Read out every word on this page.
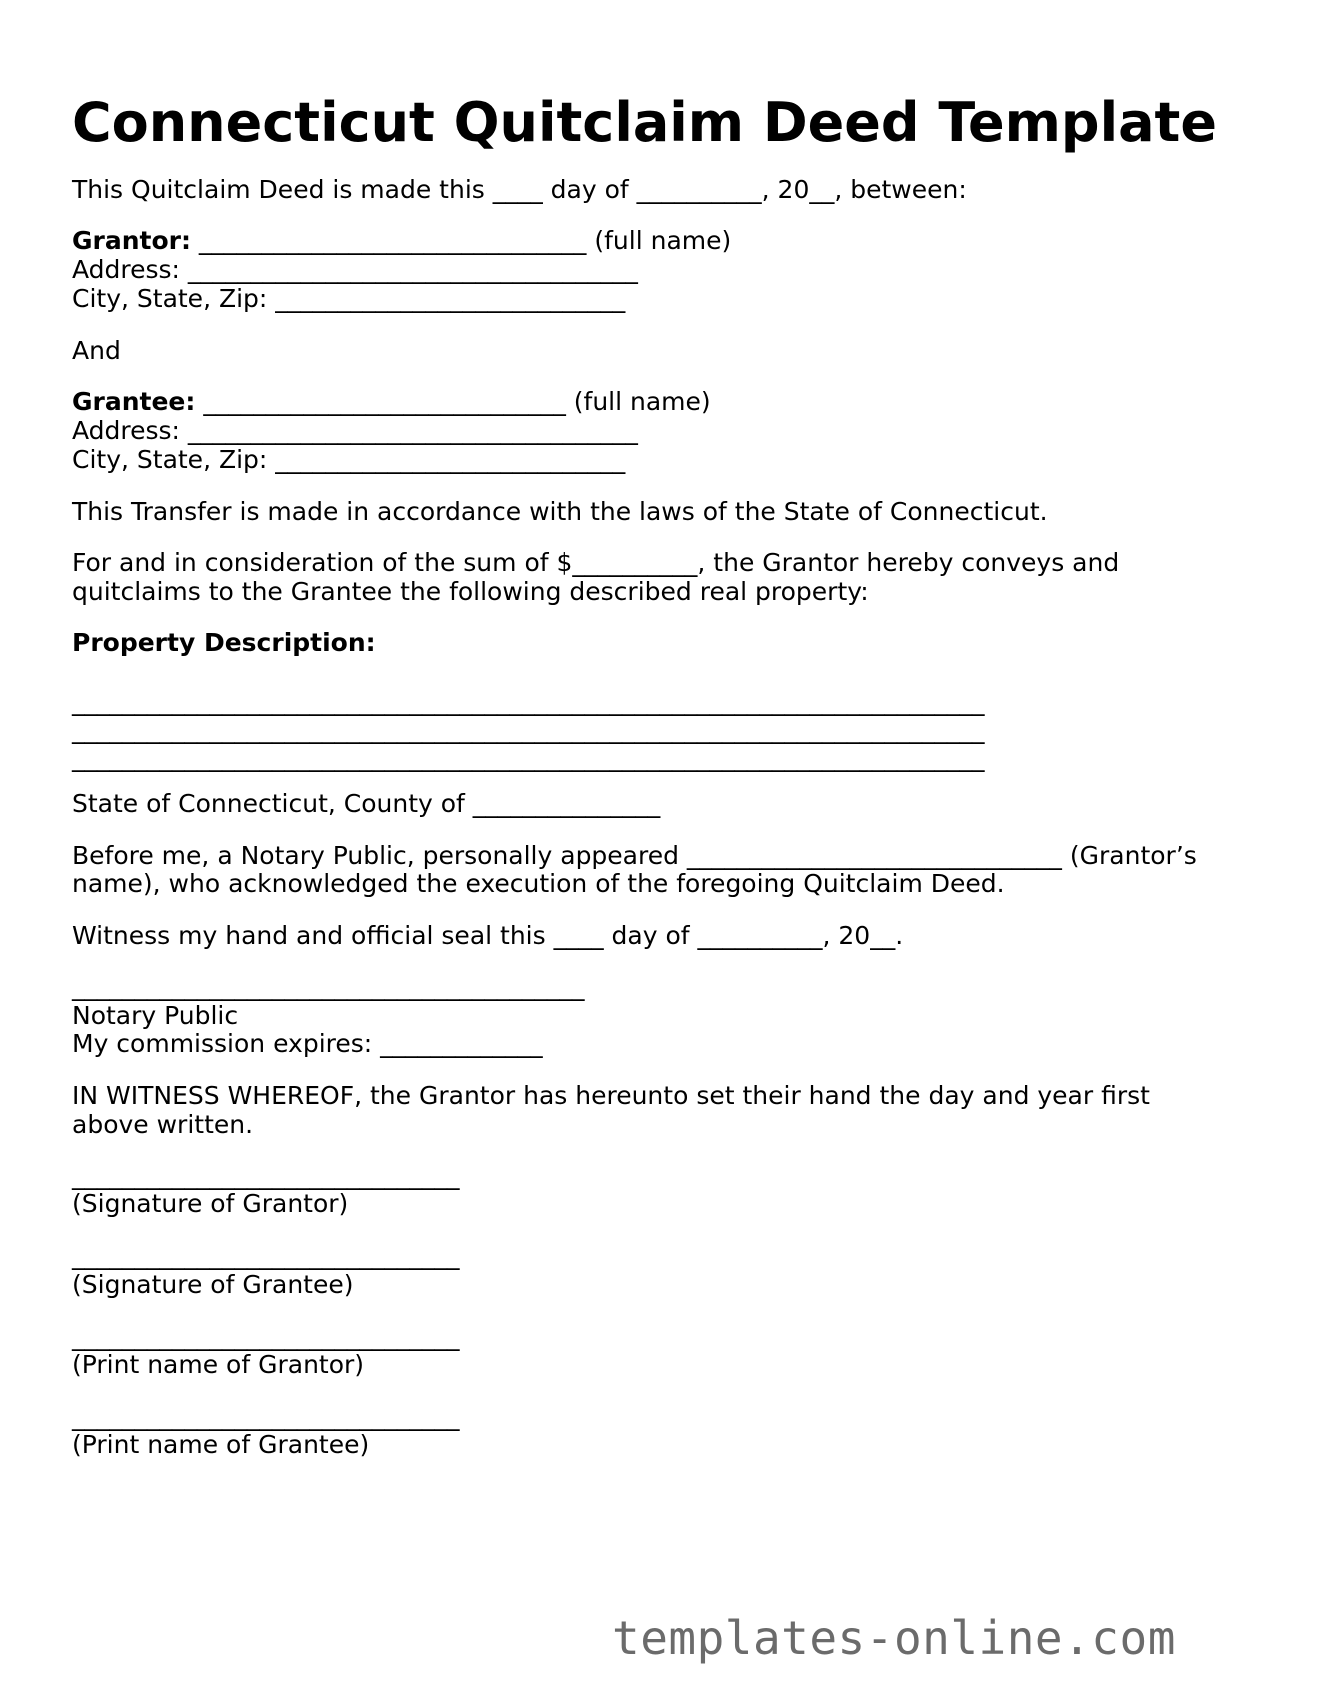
Connecticut Quitclaim Deed Template
This Quitclaim Deed is made this ____ day of __________, 20__, between:
Grantor: _______________________________ (full name)
Address: ____________________________________
City, State, Zip: ____________________________
And
Grantee: _____________________________ (full name)
Address: ____________________________________
City, State, Zip: ____________________________
This Transfer is made in accordance with the laws of the State of Connecticut.
For and in consideration of the sum of $__________, the Grantor hereby conveys and
quitclaims to the Grantee the following described real property:
Property Description:
_________________________________________________________________________
_________________________________________________________________________
_________________________________________________________________________
State of Connecticut, County of _______________
Before me, a Notary Public, personally appeared ______________________________ (Grantor’s
name), who acknowledged the execution of the foregoing Quitclaim Deed.
Witness my hand and official seal this ____ day of __________, 20__.
_________________________________________
Notary Public
My commission expires: _____________
IN WITNESS WHEREOF, the Grantor has hereunto set their hand the day and year first
above written.
_______________________________
(Signature of Grantor)
_______________________________
(Signature of Grantee)
_______________________________
(Print name of Grantor)
_______________________________
(Print name of Grantee)
templates-online.com
